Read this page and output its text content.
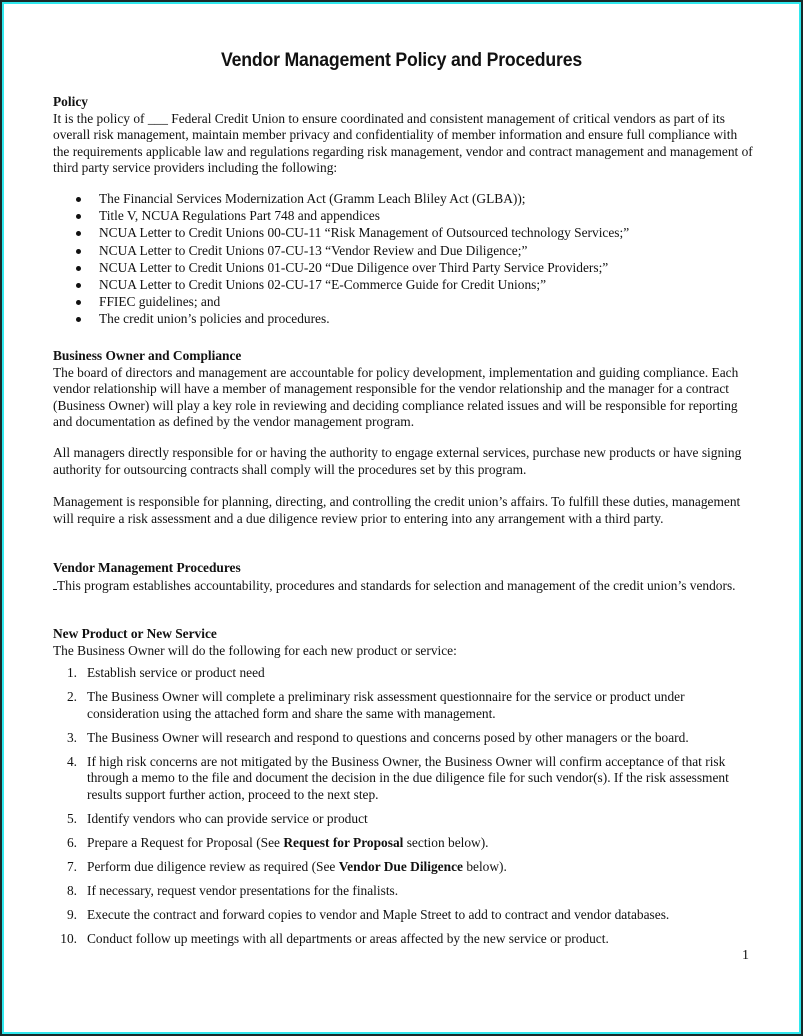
Vendor Management Policy and Procedures

Policy

It is the policy of ___ Federal Credit Union to ensure coordinated and consistent management of critical vendors as part of its overall risk management, maintain member privacy and confidentiality of member information and ensure full compliance with the requirements applicable law and regulations regarding risk management, vendor and contract management and management of third party service providers including the following:

The Financial Services Modernization Act (Gramm Leach Bliley Act (GLBA));
Title V, NCUA Regulations Part 748 and appendices
NCUA Letter to Credit Unions 00-CU-11 “Risk Management of Outsourced technology Services;”
NCUA Letter to Credit Unions 07-CU-13 “Vendor Review and Due Diligence;”
NCUA Letter to Credit Unions 01-CU-20 “Due Diligence over Third Party Service Providers;”
NCUA Letter to Credit Unions 02-CU-17 “E-Commerce Guide for Credit Unions;”
FFIEC guidelines; and
The credit union’s policies and procedures.

Business Owner and Compliance

The board of directors and management are accountable for policy development, implementation and guiding compliance. Each vendor relationship will have a member of management responsible for the vendor relationship and the manager for a contract (Business Owner) will play a key role in reviewing and deciding compliance related issues and will be responsible for reporting and documentation as defined by the vendor management program.

All managers directly responsible for or having the authority to engage external services, purchase new products or have signing authority for outsourcing contracts shall comply will the procedures set by this program.

Management is responsible for planning, directing, and controlling the credit union’s affairs. To fulfill these duties, management will require a risk assessment and a due diligence review prior to entering into any arrangement with a third party.

Vendor Management Procedures

This program establishes accountability, procedures and standards for selection and management of the credit union’s vendors.

New Product or New Service

The Business Owner will do the following for each new product or service:

1. Establish service or product need
2. The Business Owner will complete a preliminary risk assessment questionnaire for the service or product under consideration using the attached form and share the same with management.
3. The Business Owner will research and respond to questions and concerns posed by other managers or the board.
4. If high risk concerns are not mitigated by the Business Owner, the Business Owner will confirm acceptance of that risk through a memo to the file and document the decision in the due diligence file for such vendor(s). If the risk assessment results support further action, proceed to the next step.
5. Identify vendors who can provide service or product
6. Prepare a Request for Proposal (See Request for Proposal section below).
7. Perform due diligence review as required (See Vendor Due Diligence below).
8. If necessary, request vendor presentations for the finalists.
9. Execute the contract and forward copies to vendor and Maple Street to add to contract and vendor databases.
10. Conduct follow up meetings with all departments or areas affected by the new service or product.
1
